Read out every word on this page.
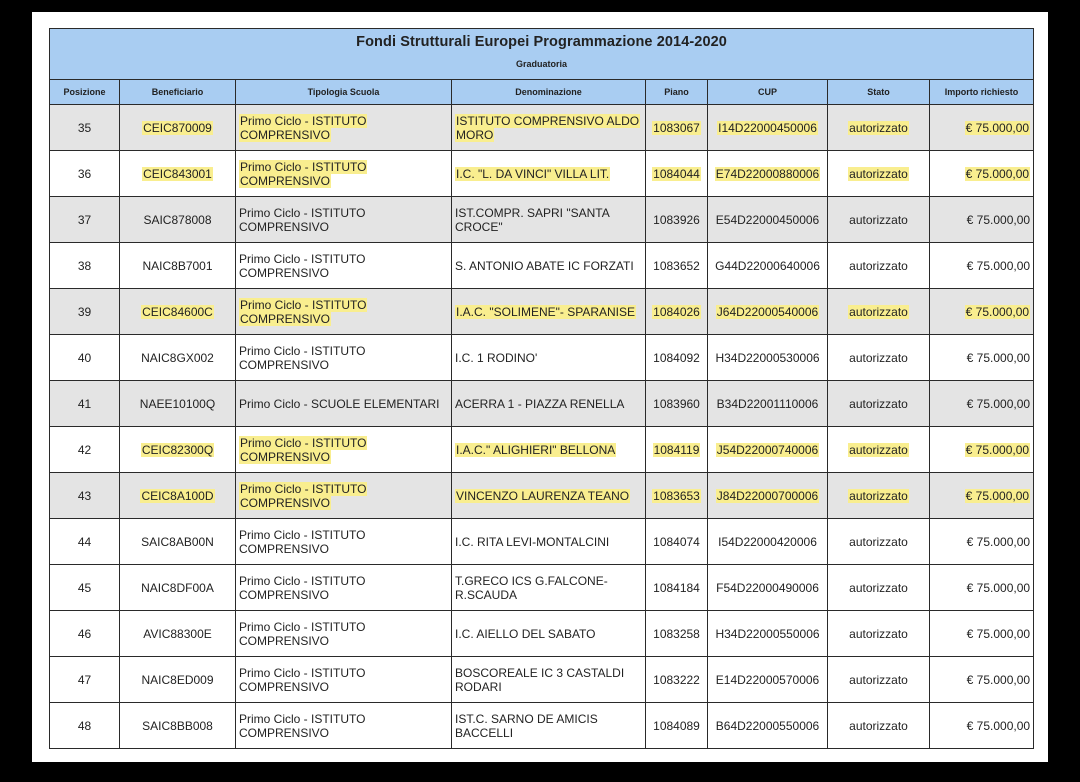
Fondi Strutturali Europei Programmazione 2014-2020
Graduatoria							

Posizione	Beneficiario	Tipologia Scuola	Denominazione	Piano	CUP	Stato	Importo richiesto
35	CEIC870009	Primo Ciclo - ISTITUTO COMPRENSIVO	ISTITUTO COMPRENSIVO ALDO MORO	1083067	I14D22000450006	autorizzato	€ 75.000,00
36	CEIC843001	Primo Ciclo - ISTITUTO COMPRENSIVO	I.C. "L. DA VINCI" VILLA LIT.	1084044	E74D22000880006	autorizzato	€ 75.000,00
37	SAIC878008	Primo Ciclo - ISTITUTO COMPRENSIVO	IST.COMPR. SAPRI "SANTA CROCE"	1083926	E54D22000450006	autorizzato	€ 75.000,00
38	NAIC8B7001	Primo Ciclo - ISTITUTO COMPRENSIVO	S. ANTONIO ABATE IC FORZATI	1083652	G44D22000640006	autorizzato	€ 75.000,00
39	CEIC84600C	Primo Ciclo - ISTITUTO COMPRENSIVO	I.A.C. "SOLIMENE"- SPARANISE	1084026	J64D22000540006	autorizzato	€ 75.000,00
40	NAIC8GX002	Primo Ciclo - ISTITUTO COMPRENSIVO	I.C. 1 RODINO'	1084092	H34D22000530006	autorizzato	€ 75.000,00
41	NAEE10100Q	Primo Ciclo - SCUOLE ELEMENTARI	ACERRA 1 - PIAZZA RENELLA	1083960	B34D22001110006	autorizzato	€ 75.000,00
42	CEIC82300Q	Primo Ciclo - ISTITUTO COMPRENSIVO	I.A.C." ALIGHIERI" BELLONA	1084119	J54D22000740006	autorizzato	€ 75.000,00
43	CEIC8A100D	Primo Ciclo - ISTITUTO COMPRENSIVO	VINCENZO LAURENZA TEANO	1083653	J84D22000700006	autorizzato	€ 75.000,00
44	SAIC8AB00N	Primo Ciclo - ISTITUTO COMPRENSIVO	I.C. RITA LEVI-MONTALCINI	1084074	I54D22000420006	autorizzato	€ 75.000,00
45	NAIC8DF00A	Primo Ciclo - ISTITUTO COMPRENSIVO	T.GRECO ICS G.FALCONE-R.SCAUDA	1084184	F54D22000490006	autorizzato	€ 75.000,00
46	AVIC88300E	Primo Ciclo - ISTITUTO COMPRENSIVO	I.C. AIELLO DEL SABATO	1083258	H34D22000550006	autorizzato	€ 75.000,00
47	NAIC8ED009	Primo Ciclo - ISTITUTO COMPRENSIVO	BOSCOREALE IC 3 CASTALDI RODARI	1083222	E14D22000570006	autorizzato	€ 75.000,00
48	SAIC8BB008	Primo Ciclo - ISTITUTO COMPRENSIVO	IST.C. SARNO DE AMICIS BACCELLI	1084089	B64D22000550006	autorizzato	€ 75.000,00
